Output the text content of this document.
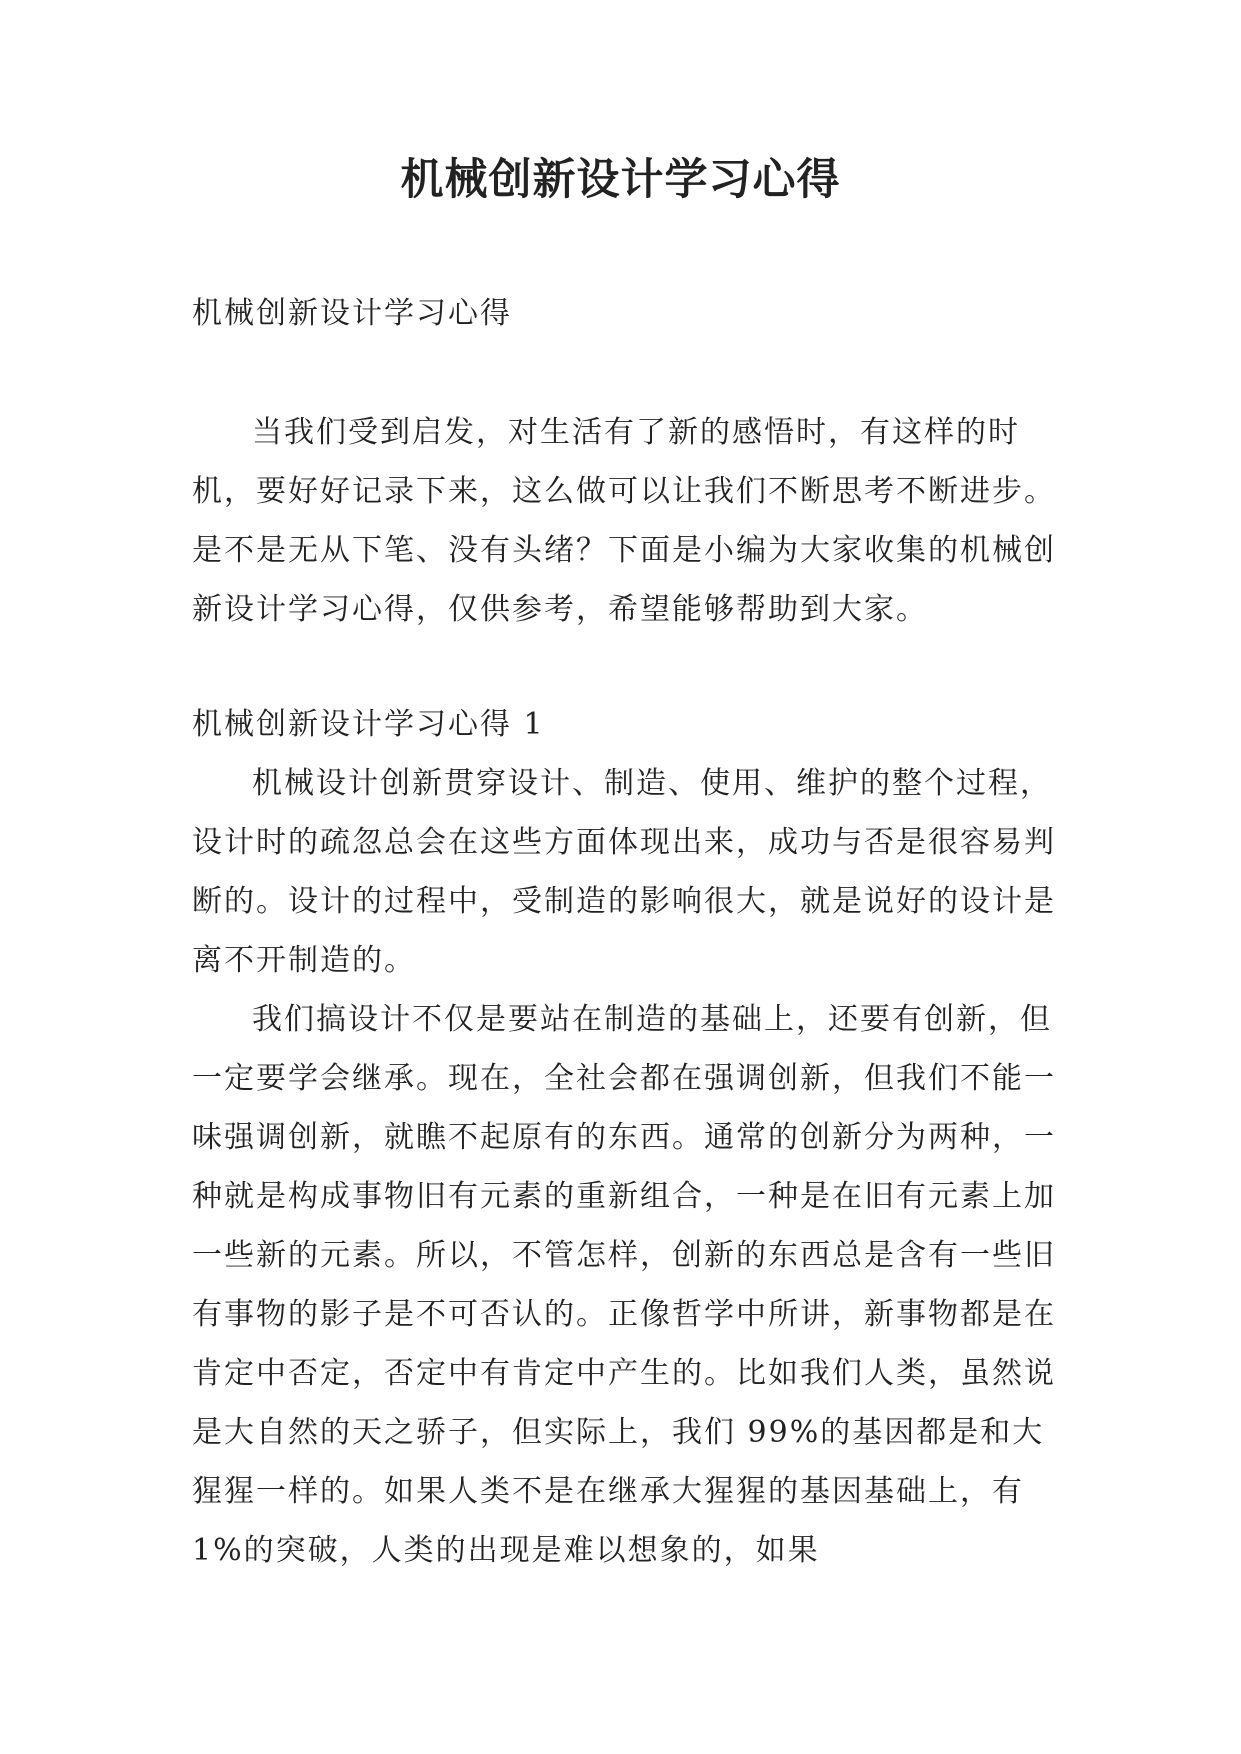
机械创新设计学习心得
机械创新设计学习心得

当我们受到启发，对生活有了新的感悟时，有这样的时机，要好好记录下来，这么做可以让我们不断思考不断进步。是不是无从下笔、没有头绪？下面是小编为大家收集的机械创新设计学习心得，仅供参考，希望能够帮助到大家。

机械创新设计学习心得 1

机械设计创新贯穿设计、制造、使用、维护的整个过程，设计时的疏忽总会在这些方面体现出来，成功与否是很容易判断的。设计的过程中，受制造的影响很大，就是说好的设计是离不开制造的。

我们搞设计不仅是要站在制造的基础上，还要有创新，但一定要学会继承。现在，全社会都在强调创新，但我们不能一味强调创新，就瞧不起原有的东西。通常的创新分为两种，一种就是构成事物旧有元素的重新组合，一种是在旧有元素上加一些新的元素。所以，不管怎样，创新的东西总是含有一些旧有事物的影子是不可否认的。正像哲学中所讲，新事物都是在肯定中否定，否定中有肯定中产生的。比如我们人类，虽然说是大自然的天之骄子，但实际上，我们 99%的基因都是和大猩猩一样的。如果人类不是在继承大猩猩的基因基础上，有 1%的突破，人类的出现是难以想象的，如果
